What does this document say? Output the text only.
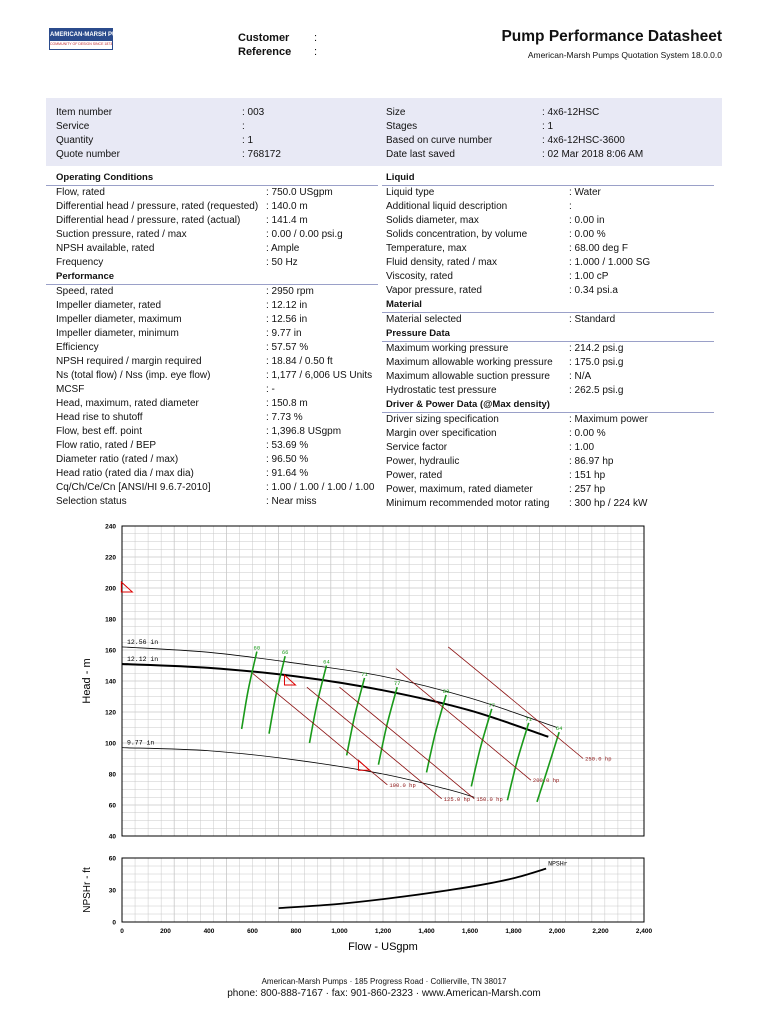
AMERICAN-MARSH PUMPS
COMMUNITY OF DESIGN SINCE 1873	Customer :
Reference :
Pump Performance Datasheet
American-Marsh Pumps Quotation System 18.0.0.0
Item number	: 003
Service	:
Quantity	: 1
Quote number	: 768172
Size	: 4x6-12HSC
Stages	: 1
Based on curve number	: 4x6-12HSC-3600
Date last saved	: 02 Mar 2018 8:06 AM
Operating Conditions
Flow, rated	: 750.0 USgpm
Differential head / pressure, rated (requested) : 140.0 m
Differential head / pressure, rated (actual)	: 141.4 m
Suction pressure, rated / max	: 0.00 / 0.00 psi.g
NPSH available, rated	: Ample
Frequency	: 50 Hz
Performance
Speed, rated	: 2950 rpm
Impeller diameter, rated	: 12.12 in
Impeller diameter, maximum	: 12.56 in
Impeller diameter, minimum	: 9.77 in
Efficiency	: 57.57 %
NPSH required / margin required	: 18.84 / 0.50 ft
Ns (total flow) / Nss (imp. eye flow)	: 1,177 / 6,006 US Units
MCSF	: -
Head, maximum, rated diameter	: 150.8 m
Head rise to shutoff	: 7.73 %
Flow, best eff. point	: 1,396.8 USgpm
Flow ratio, rated / BEP	: 53.69 %
Diameter ratio (rated / max)	: 96.50 %
Head ratio (rated dia / max dia)	: 91.64 %
Cq/Ch/Ce/Cn [ANSI/HI 9.6.7-2010]	: 1.00 / 1.00 / 1.00 / 1.00
Selection status	: Near miss
Liquid
Liquid type	: Water
Additional liquid description	:
Solids diameter, max	: 0.00 in
Solids concentration, by volume	: 0.00 %
Temperature, max	: 68.00 deg F
Fluid density, rated / max	: 1.000 / 1.000 SG
Viscosity, rated	: 1.00 cP
Vapor pressure, rated	: 0.34 psi.a
Material
Material selected	: Standard
Pressure Data
Maximum working pressure	: 214.2 psi.g
Maximum allowable working pressure : 175.0 psi.g
Maximum allowable suction pressure : N/A
Hydrostatic test pressure	: 262.5 psi.g
Driver & Power Data (@Max density)
Driver sizing specification	: Maximum power
Margin over specification	: 0.00 %
Service factor	: 1.00
Power, hydraulic	: 86.97 hp
Power, rated	: 151 hp
Power, maximum, rated diameter	: 257 hp
Minimum recommended motor rating : 300 hp / 224 kW
40
60
80
100
120
140
160
180
200
220
240
Head - m
12.56 in
12.12 in
9.77 in
60
66
64
71
77
80
77
71
64
100.0 hp
125.0 hp 150.0 hp
200.0 hp
250.0 hp
0
30
60
NPSHr - ft
NPSHr
0	200	400	600	800	1,000	1,200	1,400	1,600	1,800	2,000	2,200	2,400
Flow - USgpm
American-Marsh Pumps · 185 Progress Road · Collierville, TN 38017
phone: 800-888-7167 · fax: 901-860-2323 · www.American-Marsh.com
